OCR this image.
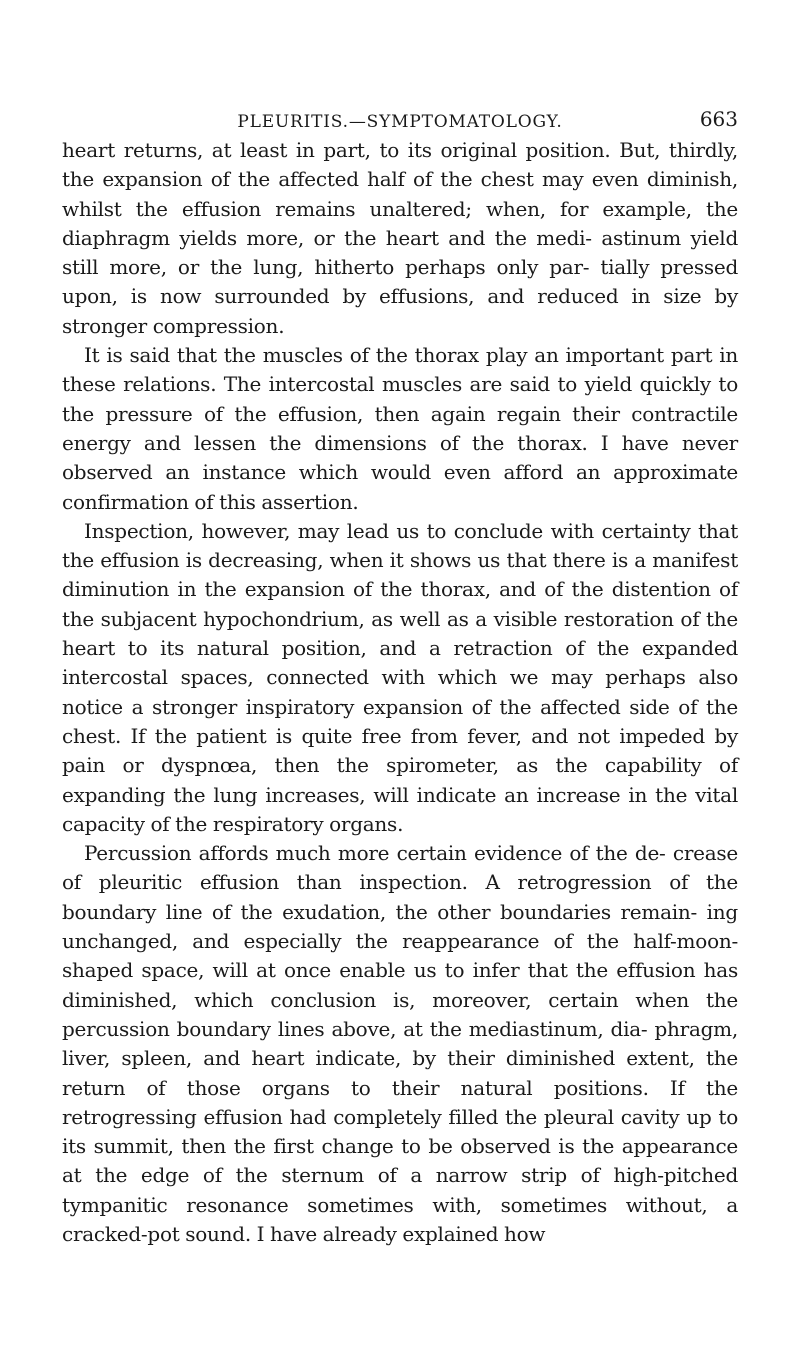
PLEURITIS.—SYMPTOMATOLOGY.	663

heart returns, at least in part, to its original position. But, thirdly, the expansion of the affected half of the chest may even diminish, whilst the effusion remains unaltered; when, for example, the diaphragm yields more, or the heart and the medi- astinum yield still more, or the lung, hitherto perhaps only par- tially pressed upon, is now surrounded by effusions, and reduced in size by stronger compression.

It is said that the muscles of the thorax play an important part in these relations. The intercostal muscles are said to yield quickly to the pressure of the effusion, then again regain their contractile energy and lessen the dimensions of the thorax. I have never observed an instance which would even afford an approximate confirmation of this assertion.

Inspection, however, may lead us to conclude with certainty that the effusion is decreasing, when it shows us that there is a manifest diminution in the expansion of the thorax, and of the distention of the subjacent hypochondrium, as well as a visible restoration of the heart to its natural position, and a retraction of the expanded intercostal spaces, connected with which we may perhaps also notice a stronger inspiratory expansion of the affected side of the chest. If the patient is quite free from fever, and not impeded by pain or dyspnœa, then the spirometer, as the capability of expanding the lung increases, will indicate an increase in the vital capacity of the respiratory organs.

Percussion affords much more certain evidence of the de- crease of pleuritic effusion than inspection. A retrogression of the boundary line of the exudation, the other boundaries remain- ing unchanged, and especially the reappearance of the half-moon- shaped space, will at once enable us to infer that the effusion has diminished, which conclusion is, moreover, certain when the percussion boundary lines above, at the mediastinum, dia- phragm, liver, spleen, and heart indicate, by their diminished extent, the return of those organs to their natural positions. If the retrogressing effusion had completely filled the pleural cavity up to its summit, then the first change to be observed is the appearance at the edge of the sternum of a narrow strip of high-pitched tympanitic resonance sometimes with, sometimes without, a cracked-pot sound. I have already explained how
